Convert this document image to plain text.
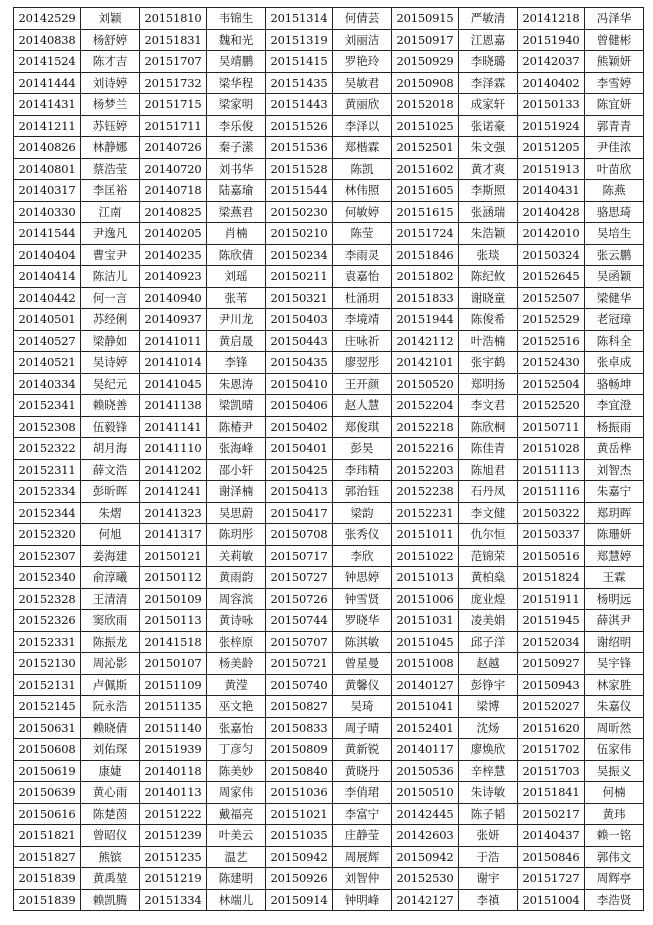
20142529	刘颖	20151810	韦锦生	20151314	何倩芸	20150915	严敏清	20141218	冯泽华
20140838	杨舒婷	20151831	魏和光	20151319	刘丽洁	20150917	江恩嘉	20151940	曾健彬
20141524	陈才吉	20151707	吴靖鹏	20151415	罗艳玲	20150929	李晓璐	20142037	熊颖妍
20141444	刘诗婷	20151732	梁华程	20151435	吴敏君	20150908	李泽霖	20140402	李雪婷
20141431	杨梦兰	20151715	梁家明	20151443	黄丽欣	20152018	成家轩	20150133	陈宜妍
20141211	苏钰婷	20151711	李乐俊	20151526	李泽以	20151025	张诺豪	20151924	郭青青
20140826	林静娜	20140726	秦子潆	20151536	郑楷霖	20152501	朱文强	20151205	尹佳浓
20140801	蔡浩莹	20140720	刘书华	20151528	陈凯	20151602	黄才爽	20151913	叶苗欣
20140317	李匡裕	20140718	陆嘉瑜	20151544	林伟照	20151605	李斯照	20140431	陈燕
20140330	江南	20140825	梁燕君	20150230	何敏婷	20151615	张涵瑞	20140428	骆思琦
20141544	尹逸凡	20140205	肖楠	20150210	陈莹	20151724	朱浩颖	20142010	吴培生
20140404	曹宝尹	20140235	陈欣倩	20150234	李雨灵	20151846	张琰	20150324	张云鹏
20140414	陈洁儿	20140923	刘瑶	20150211	袁嘉怡	20151802	陈纪攸	20152645	吴函颖
20140442	何一言	20140940	张苇	20150321	杜涌玥	20151833	谢晓童	20152507	梁健华
20140501	苏经俐	20140937	尹川龙	20150403	李境靖	20151944	陈俊希	20152529	老冠璋
20140527	梁静如	20141011	黄启晟	20150443	庄咏祈	20142112	叶浩楠	20152516	陈科全
20140521	吴诗婷	20141014	李锋	20150435	廖翌彤	20142101	张宇鹤	20152430	张卓成
20140334	吴纪元	20141045	朱恩涛	20150410	王开颜	20150520	郑明扬	20152504	骆畅坤
20152341	赖晓善	20141138	梁凯晴	20150406	赵人慧	20152204	李文君	20152520	李宜澄
20152308	伍毅锋	20141141	陈椿尹	20150402	郑俊琪	20152218	陈欣桐	20150711	杨振雨
20152322	胡月海	20141110	张海峰	20150401	彭昊	20152216	陈佳青	20151028	黄岳桦
20152311	薛文浩	20141202	邵小轩	20150425	李玮精	20152203	陈旭君	20151113	刘智杰
20152334	彭昕晖	20141241	谢泽楠	20150413	郭治钰	20152238	石丹凤	20151116	朱嘉宁
20152344	朱熠	20141323	吴思蔚	20150417	梁韵	20152231	李文健	20150322	郑玥晖
20152320	何旭	20141317	陈玥彤	20150708	张秀仪	20151011	仇尔恒	20150337	陈珊妍
20152307	姜海建	20150121	关莉敏	20150717	李欣	20151022	范锦荣	20150516	郑慧婷
20152340	俞淳曦	20150112	黄雨韵	20150727	钟思婷	20151013	黄柏燊	20151824	王霖
20152328	王清清	20150109	周容滨	20150726	钟雪贤	20151006	庞业煌	20151911	杨明远
20152326	窦欣雨	20150113	黄诗咏	20150744	罗晓华	20151031	凌美娟	20151945	薛淇尹
20152331	陈振龙	20141518	张梓原	20150707	陈淇敏	20151045	邱子洋	20152034	谢绍明
20152130	周沁影	20150107	杨美龄	20150721	曾星曼	20151008	赵越	20150927	吴宇锋
20152131	卢佩斯	20151109	黄滢	20150740	黄馨仪	20140127	彭铮宇	20150943	林家胜
20152145	阮永浩	20151135	巫文艳	20150827	吴琦	20151041	梁博	20152027	朱嘉仪
20150631	赖晓倩	20151140	张嘉怡	20150833	周子晴	20152401	沈炀	20151620	周昕然
20150608	刘佑琛	20151939	丁彦匀	20150809	黄新锐	20140117	廖焕欣	20151702	伍家伟
20150619	康婕	20140118	陈美妙	20150840	黄晓丹	20150536	辛梓慧	20151703	吴振义
20150639	黄心雨	20140113	周家伟	20151036	李俏珺	20150510	朱诗敏	20151841	何楠
20150616	陈楚茵	20151222	戴福亮	20151021	李富宁	20142445	陈子韬	20150217	黄玮
20151821	曾昭仪	20151239	叶美云	20151035	庄静莹	20142603	张妍	20140437	赖一铭
20151827	熊镔	20151235	温艺	20150942	周展辉	20150942	于浩	20150846	郭伟文
20151839	黄禹堃	20151219	陈建明	20150926	刘智仲	20152530	谢宇	20151727	周辉亭
20151839	赖凯腾	20151334	林端儿	20150914	钟明峰	20142127	李禛	20151004	李浩贤
